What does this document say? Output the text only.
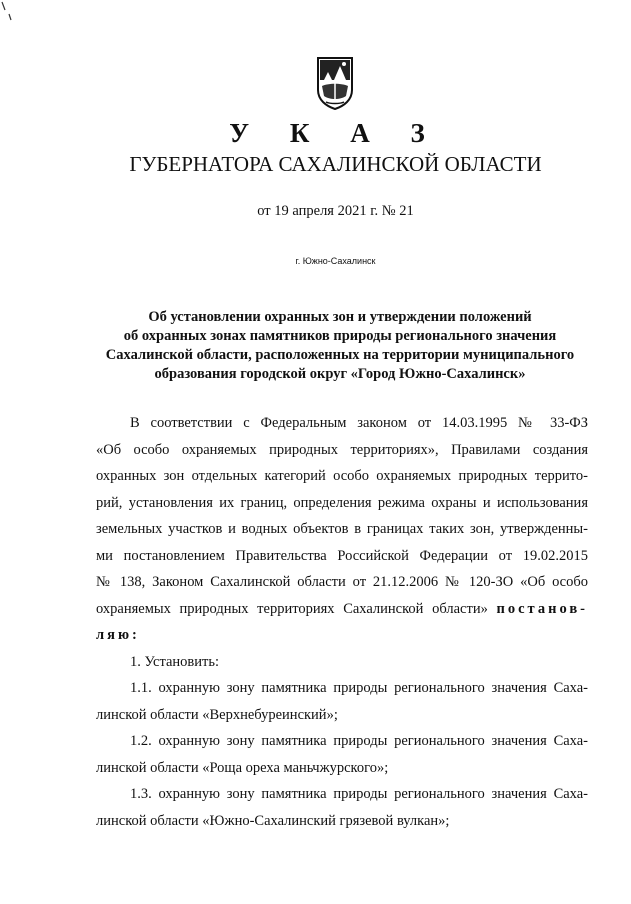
У К А З
ГУБЕРНАТОРА САХАЛИНСКОЙ ОБЛАСТИ
от 19 апреля 2021 г. № 21
г. Южно-Сахалинск
Об установлении охранных зон и утверждении положений
об охранных зонах памятников природы регионального значения
Сахалинской области, расположенных на территории муниципального
образования городской округ «Город Южно-Сахалинск»
В соответствии с Федеральным законом от 14.03.1995 № 33-ФЗ
«Об особо охраняемых природных территориях», Правилами создания
охранных зон отдельных категорий особо охраняемых природных террито-
рий, установления их границ, определения режима охраны и использования
земельных участков и водных объектов в границах таких зон, утвержденны-
ми постановлением Правительства Российской Федерации от 19.02.2015
№ 138, Законом Сахалинской области от 21.12.2006 № 120-ЗО «Об особо
охраняемых природных территориях Сахалинской области» постанов-
ляю:
1. Установить:
1.1. охранную зону памятника природы регионального значения Саха-
линской области «Верхнебуреинский»;
1.2. охранную зону памятника природы регионального значения Саха-
линской области «Роща ореха маньчжурского»;
1.3. охранную зону памятника природы регионального значения Саха-
линской области «Южно-Сахалинский грязевой вулкан»;
